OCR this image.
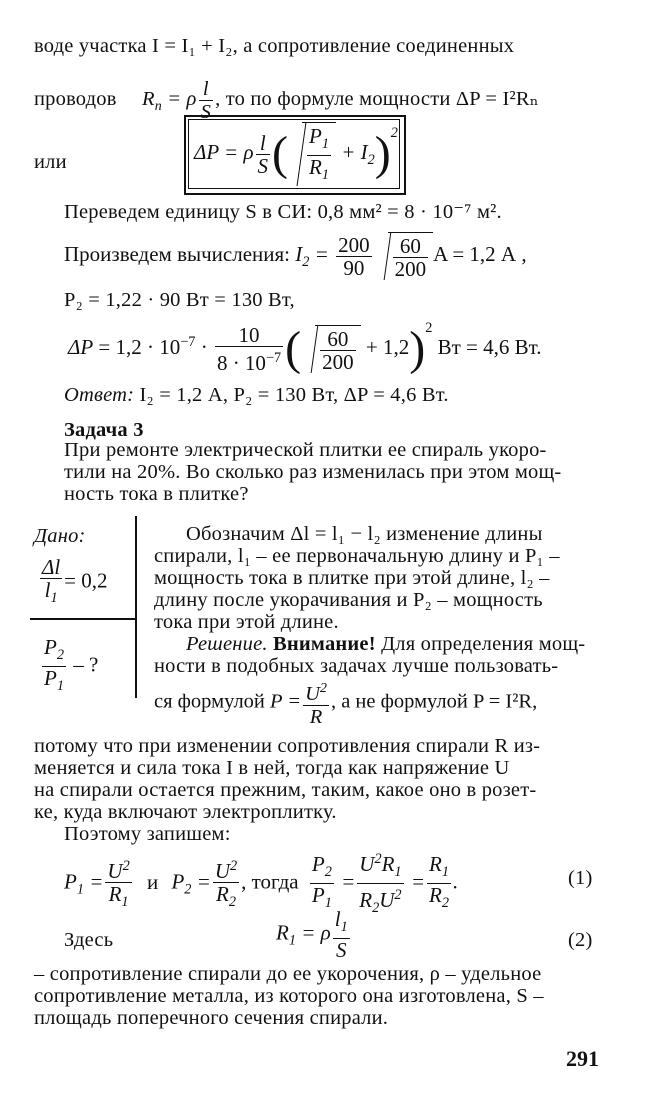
воде участка I = I₁ + I₂, а сопротивление соединенных
проводов $R_п = \rho \frac{l}{S}$ , то по формуле мощности ΔP = I²Rₙ
или	ΔP = ρ $\frac{l}{S}$ ( $\frac{P_1}{R_1} + I_2)^2$
Переведем единицу S в СИ: 0,8 мм² = 8 · 10⁻⁷ м².
Произведем вычисления: $I_2 = \frac{200}{90} \frac{60}{200}$ A = 1,2 А ,
P₂ = 1,22 · 90 Вт = 130 Вт,
$\Delta P = 1,2 \cdot 10^{-7} \cdot \frac{10}{8 \cdot 10^{-7}}$ ( $\frac{60}{200} + 1,2)^2$ Вт = 4,6 Вт.
Ответ: I₂ = 1,2 А, P₂ = 130 Вт, ΔP = 4,6 Вт.
Задача 3
При ремонте электрической плитки ее спираль укоро-
тили на 20%. Во сколько раз изменилась при этом мощ-
ность тока в плитке?
Дано:
$\frac{\Delta l}{l_1} = 0,2$
$\frac{P_2}{P_1}$ – ?
Обозначим Δl = l₁ − l₂ изменение длины
спирали, l₁ – ее первоначальную длину и P₁ –
мощность тока в плитке при этой длине, l₂ –
длину после укорачивания и P₂ – мощность
тока при этой длине.
Решение. Внимание! Для определения мощ-
ности в подобных задачах лучше пользовать-
ся формулой $P = \frac{U^2}{R}$ , а не формулой P = I²R,
потому что при изменении сопротивления спирали R из-
меняется и сила тока I в ней, тогда как напряжение U
на спирали остается прежним, таким, какое оно в розет-
ке, куда включают электроплитку.
Поэтому запишем:
$P_1 = \frac{U^2}{R_1}$ и $P_2 = \frac{U^2}{R_2}$ , тогда $\frac{P_2}{P_1} = \frac{U^2R_1}{R_2U^2} = \frac{R_1}{R_2}$ .	(1)
Здесь	$R_1 = \rho \frac{l_1}{S}$	(2)
– сопротивление спирали до ее укорочения, ρ – удельное
сопротивление металла, из которого она изготовлена, S –
площадь поперечного сечения спирали.
291
